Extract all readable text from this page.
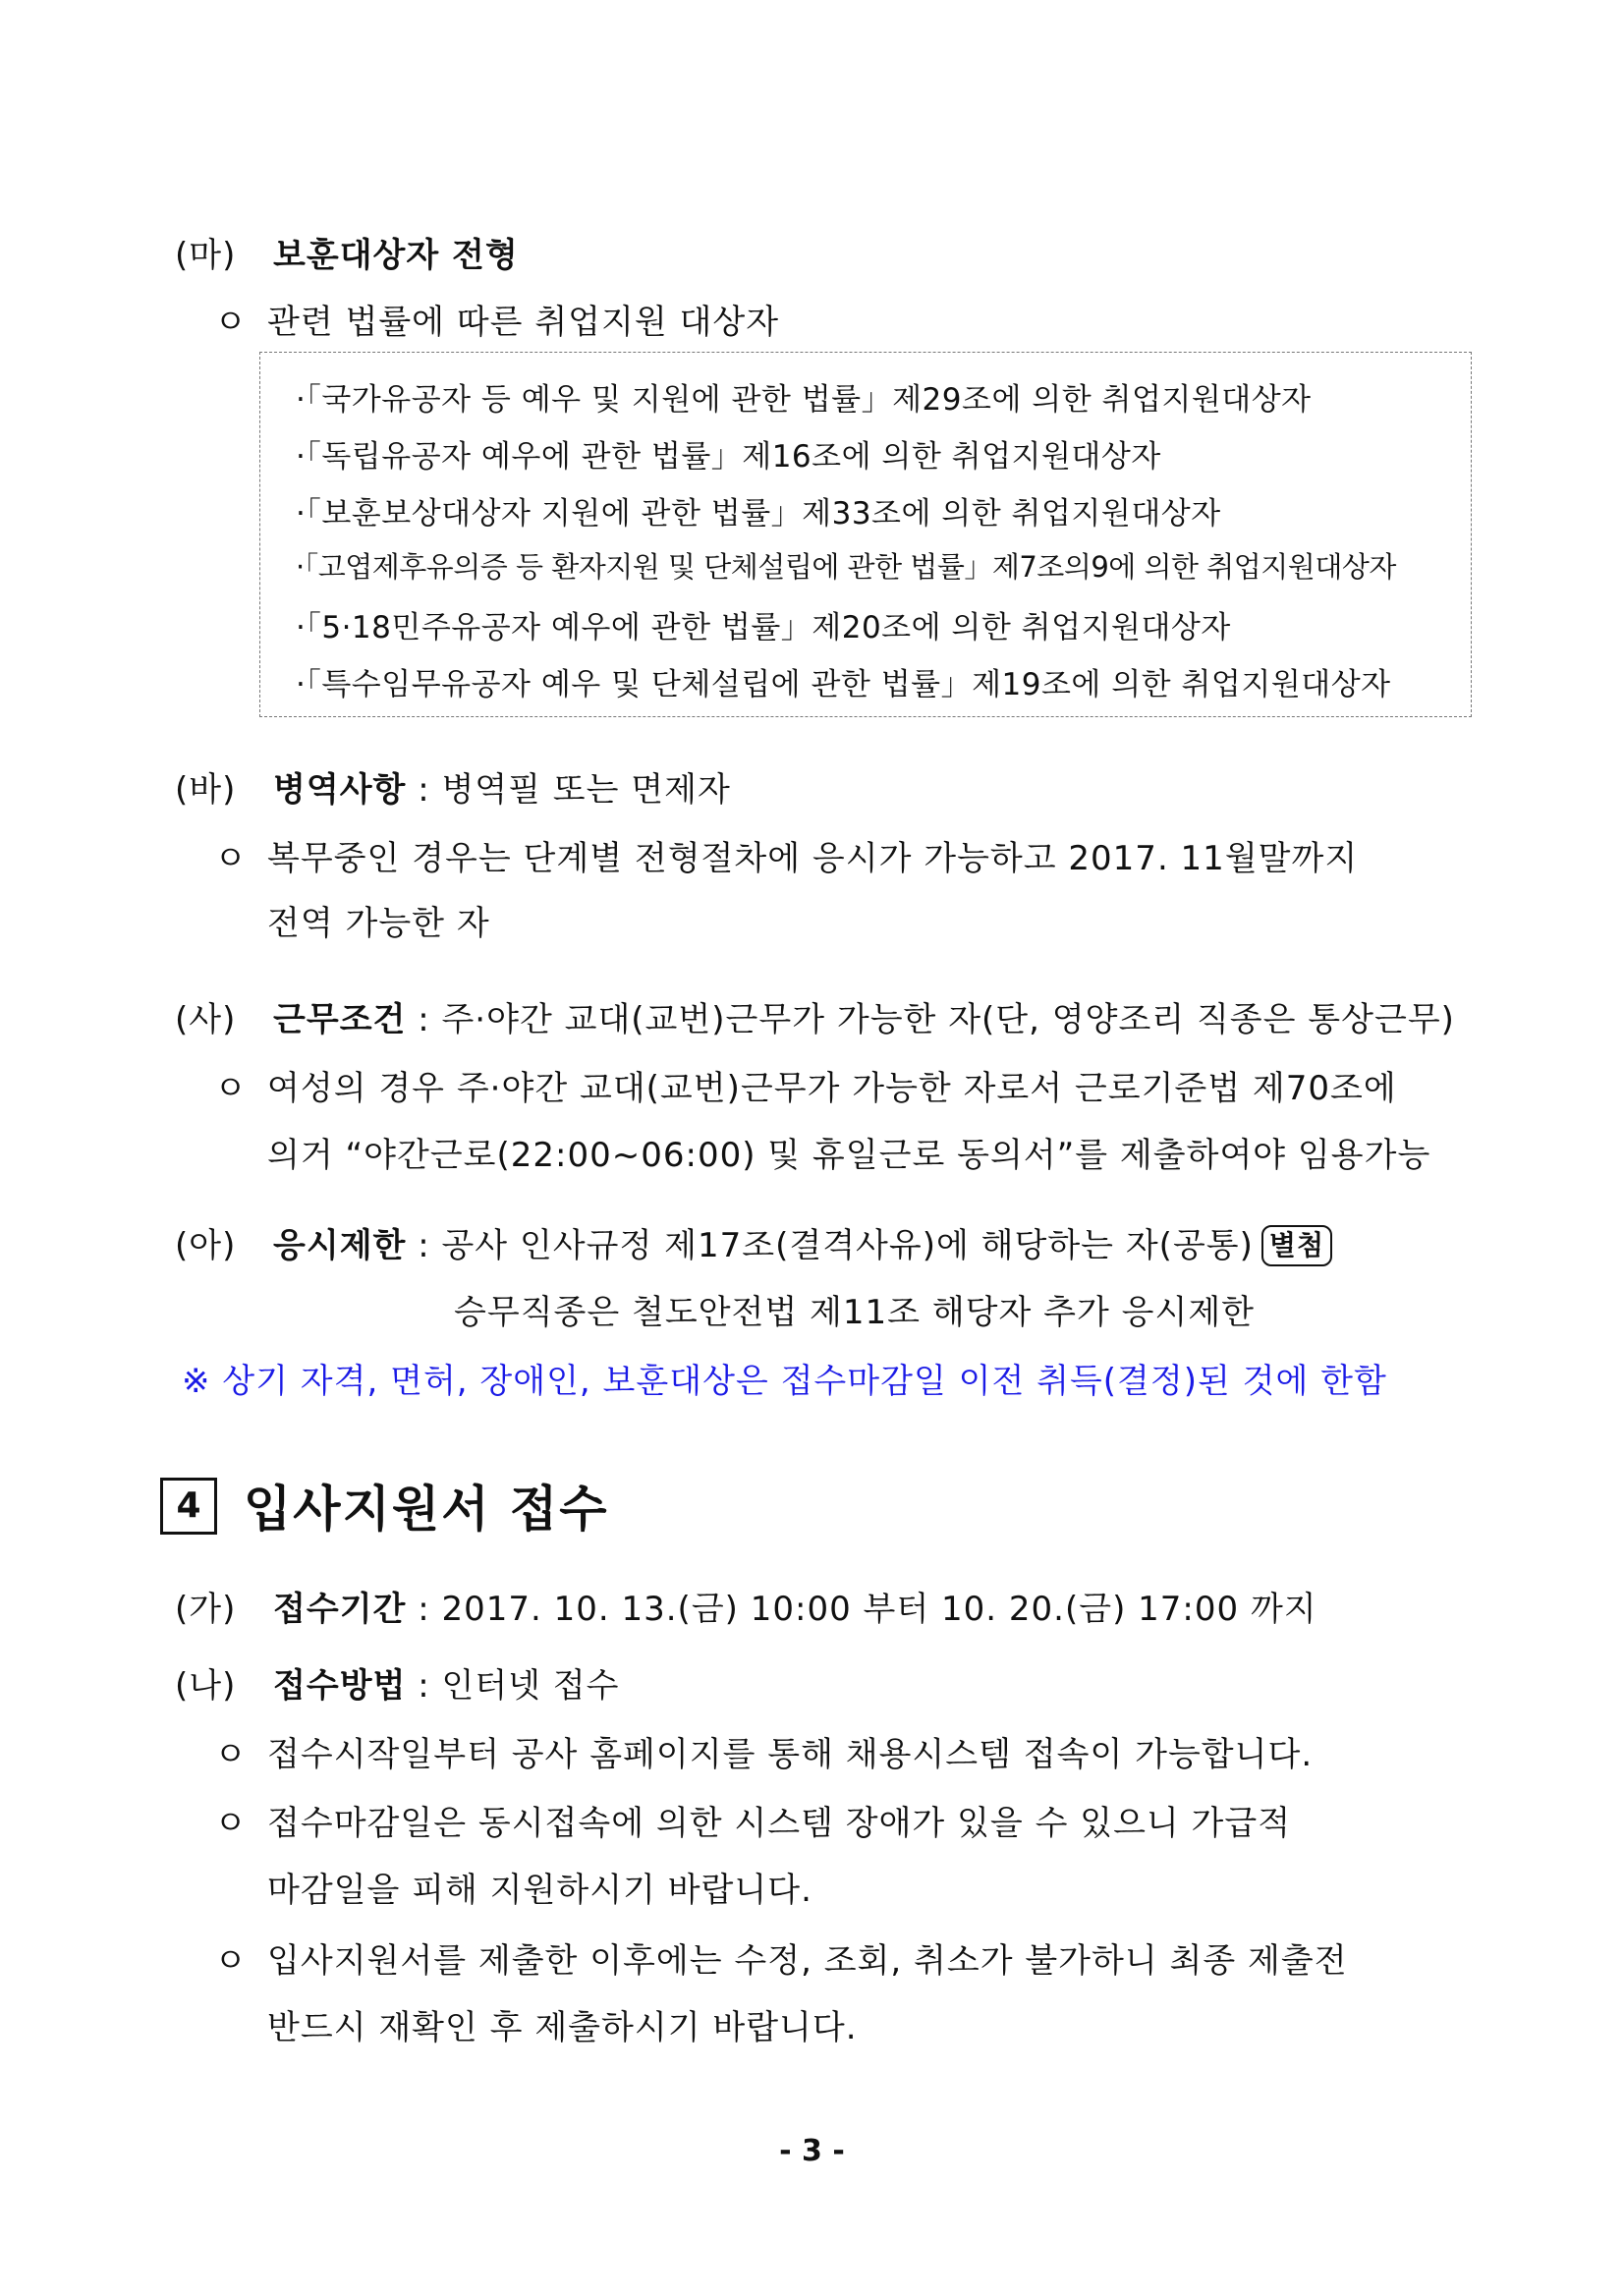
(마) 보훈대상자 전형
ㅇ 관련 법률에 따른 취업지원 대상자
·「국가유공자 등 예우 및 지원에 관한 법률」제29조에 의한 취업지원대상자
·「독립유공자 예우에 관한 법률」제16조에 의한 취업지원대상자
·「보훈보상대상자 지원에 관한 법률」제33조에 의한 취업지원대상자
·「고엽제후유의증 등 환자지원 및 단체설립에 관한 법률」제7조의9에 의한 취업지원대상자
·「5·18민주유공자 예우에 관한 법률」제20조에 의한 취업지원대상자
·「특수임무유공자 예우 및 단체설립에 관한 법률」제19조에 의한 취업지원대상자
(바) 병역사항 : 병역필 또는 면제자
ㅇ 복무중인 경우는 단계별 전형절차에 응시가 가능하고 2017. 11월말까지
전역 가능한 자
(사) 근무조건 : 주·야간 교대(교번)근무가 가능한 자(단, 영양조리 직종은 통상근무)
ㅇ 여성의 경우 주·야간 교대(교번)근무가 가능한 자로서 근로기준법 제70조에
의거 “야간근로(22:00~06:00) 및 휴일근로 동의서”를 제출하여야 임용가능
(아) 응시제한 : 공사 인사규정 제17조(결격사유)에 해당하는 자(공통) 별첨
승무직종은 철도안전법 제11조 해당자 추가 응시제한
※ 상기 자격, 면허, 장애인, 보훈대상은 접수마감일 이전 취득(결정)된 것에 한함
4 입사지원서 접수
(가) 접수기간 : 2017. 10. 13.(금) 10:00 부터 10. 20.(금) 17:00 까지
(나) 접수방법 : 인터넷 접수
ㅇ 접수시작일부터 공사 홈페이지를 통해 채용시스템 접속이 가능합니다.
ㅇ 접수마감일은 동시접속에 의한 시스템 장애가 있을 수 있으니 가급적
마감일을 피해 지원하시기 바랍니다.
ㅇ 입사지원서를 제출한 이후에는 수정, 조회, 취소가 불가하니 최종 제출전
반드시 재확인 후 제출하시기 바랍니다.
- 3 -
